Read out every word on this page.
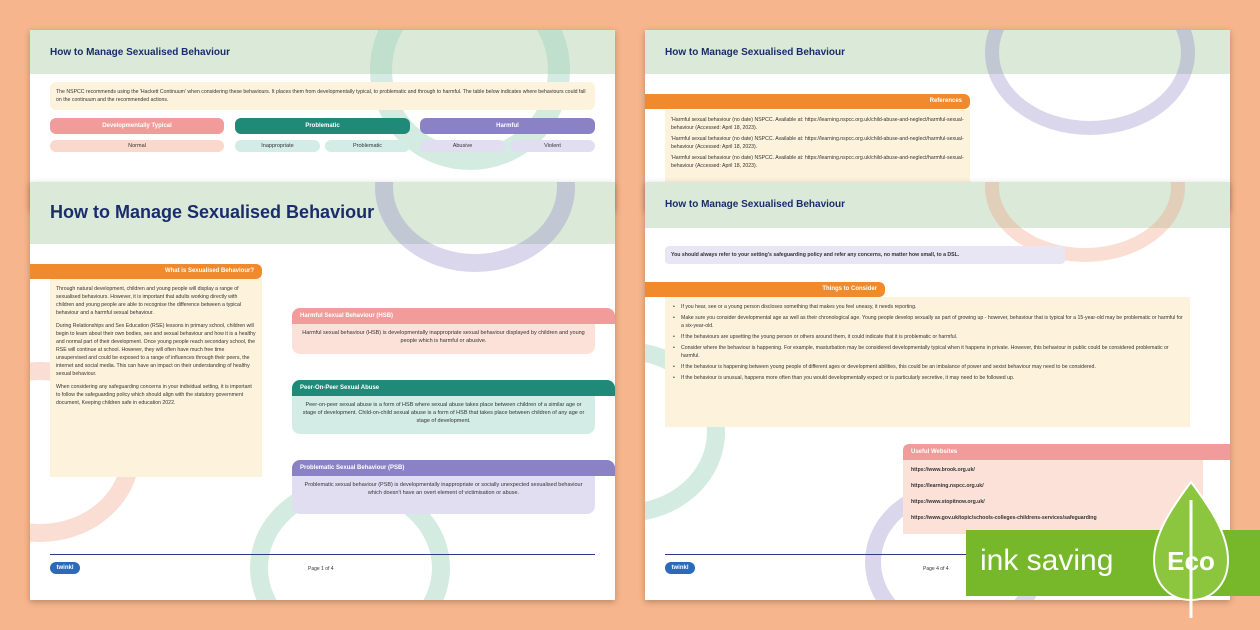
How to Manage Sexualised Behaviour
The NSPCC recommends using the 'Hackett Continuum' when considering these behaviours. It places them from developmentally typical, to problematic and through to harmful. The table below indicates where behaviours could fall on the continuum and the recommended actions.
Developmentally Typical	Problematic	Harmful
Normal	Inappropriate	Problematic	Abusive	Violent
How to Manage Sexualised Behaviour
References
'Harmful sexual behaviour (no date) NSPCC. Available at: https://learning.nspcc.org.uk/child-abuse-and-neglect/harmful-sexual-behaviour (Accessed: April 18, 2023).
'Harmful sexual behaviour (no date) NSPCC. Available at: https://learning.nspcc.org.uk/child-abuse-and-neglect/harmful-sexual-behaviour (Accessed: April 18, 2023).
'Harmful sexual behaviour (no date) NSPCC. Available at: https://learning.nspcc.org.uk/child-abuse-and-neglect/harmful-sexual-behaviour (Accessed: April 18, 2023).
How to Manage Sexualised Behaviour
What is Sexualised Behaviour?
Through natural development, children and young people will display a range of sexualised behaviours. However, it is important that adults working directly with children and young people are able to recognise the difference between a typical behaviour and a harmful sexual behaviour.
During Relationships and Sex Education (RSE) lessons in primary school, children will begin to learn about their own bodies, sex and sexual behaviour and how it is a healthy and normal part of their development. Once young people reach secondary school, the RSE will continue at school. However, they will often have much free time unsupervised and could be exposed to a range of influences through their peers, the internet and social media. This can have an impact on their understanding of healthy sexual behaviour.
When considering any safeguarding concerns in your individual setting, it is important to follow the safeguarding policy which should align with the statutory government document, Keeping children safe in education 2022.
Harmful Sexual Behaviour (HSB)
Harmful sexual behaviour (HSB) is developmentally inappropriate sexual behaviour displayed by children and young people which is harmful or abusive.
Peer-On-Peer Sexual Abuse
Peer-on-peer sexual abuse is a form of HSB where sexual abuse takes place between children of a similar age or stage of development. Child-on-child sexual abuse is a form of HSB that takes place between children of any age or stage of development.
Problematic Sexual Behaviour (PSB)
Problematic sexual behaviour (PSB) is developmentally inappropriate or socially unexpected sexualised behaviour which doesn't have an overt element of victimisation or abuse.
twinkl	Page 1 of 4
How to Manage Sexualised Behaviour
You should always refer to your setting's safeguarding policy and refer any concerns, no matter how small, to a DSL.
Things to Consider
• If you hear, see or a young person discloses something that makes you feel uneasy, it needs reporting.
• Make sure you consider developmental age as well as their chronological age. Young people develop sexually as part of growing up - however, behaviour that is typical for a 15-year-old may be problematic or harmful for a six-year-old.
• If the behaviours are upsetting the young person or others around them, it could indicate that it is problematic or harmful.
• Consider where the behaviour is happening. For example, masturbation may be considered developmentally typical when it happens in private. However, this behaviour in public could be considered problematic or harmful.
• If the behaviour is happening between young people of different ages or development abilities, this could be an imbalance of power and sexist behaviour may need to be considered.
• If the behaviour is unusual, happens more often than you would developmentally expect or is particularly secretive, it may need to be followed up.
Useful Websites
https://www.brook.org.uk/
https://learning.nspcc.org.uk/
https://www.stopitnow.org.uk/
https://www.gov.uk/topic/schools-colleges-childrens-services/safeguarding
twinkl	Page 4 of 4 ink saving Eco
